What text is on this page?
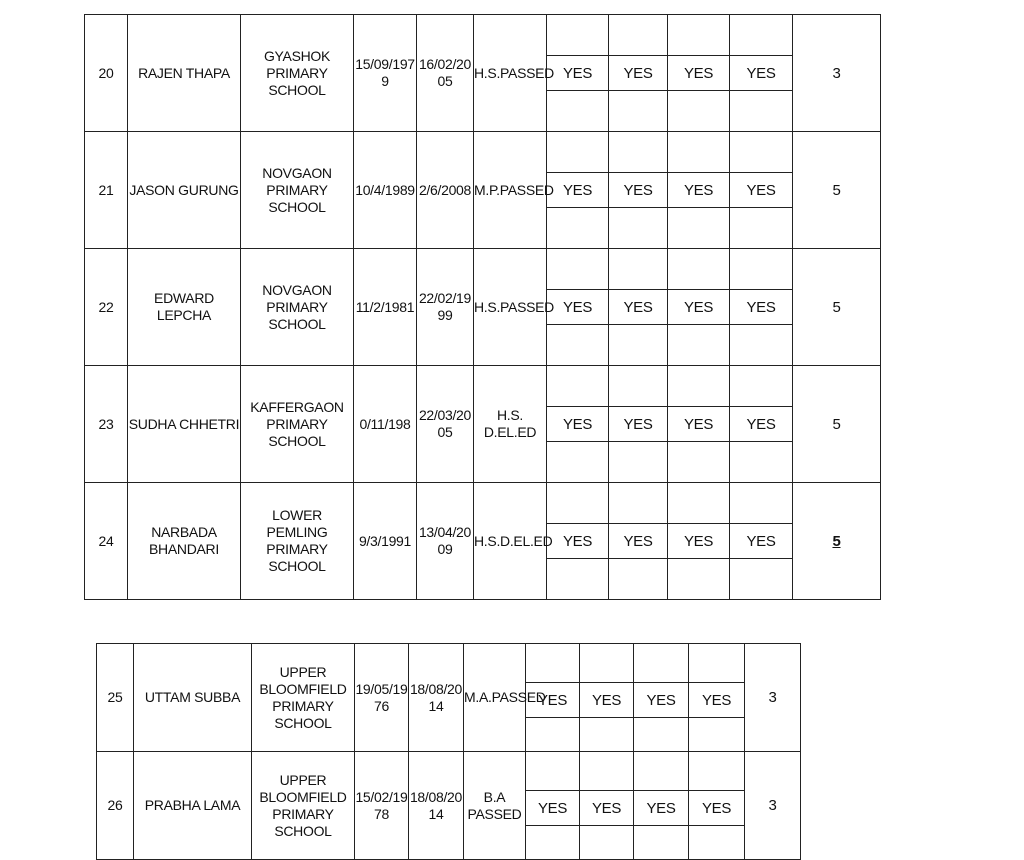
20	RAJEN THAPA	GYASHOK PRIMARY SCHOOL	15/09/1979	16/02/2005	H.S.PASSED					3
						YES	YES	YES	YES	

21	JASON GURUNG	NOVGAON PRIMARY SCHOOL	10/4/1989	2/6/2008	M.P.PASSED					5
						YES	YES	YES	YES	

22	EDWARD LEPCHA	NOVGAON PRIMARY SCHOOL	11/2/1981	22/02/1999	H.S.PASSED					5
						YES	YES	YES	YES	

23	SUDHA CHHETRI	KAFFERGAON PRIMARY SCHOOL	0/11/198	22/03/2005	H.S. D.EL.ED					5
						YES	YES	YES	YES	

24	NARBADA BHANDARI	LOWER PEMLING PRIMARY SCHOOL	9/3/1991	13/04/2009	H.S.D.EL.ED					5
						YES	YES	YES	YES	

25	UTTAM SUBBA	UPPER BLOOMFIELD PRIMARY SCHOOL	19/05/1976	18/08/2014	M.A.PASSED					3
						YES	YES	YES	YES	

26	PRABHA LAMA	UPPER BLOOMFIELD PRIMARY SCHOOL	15/02/1978	18/08/2014	B.A PASSED					3
						YES	YES	YES	YES	
